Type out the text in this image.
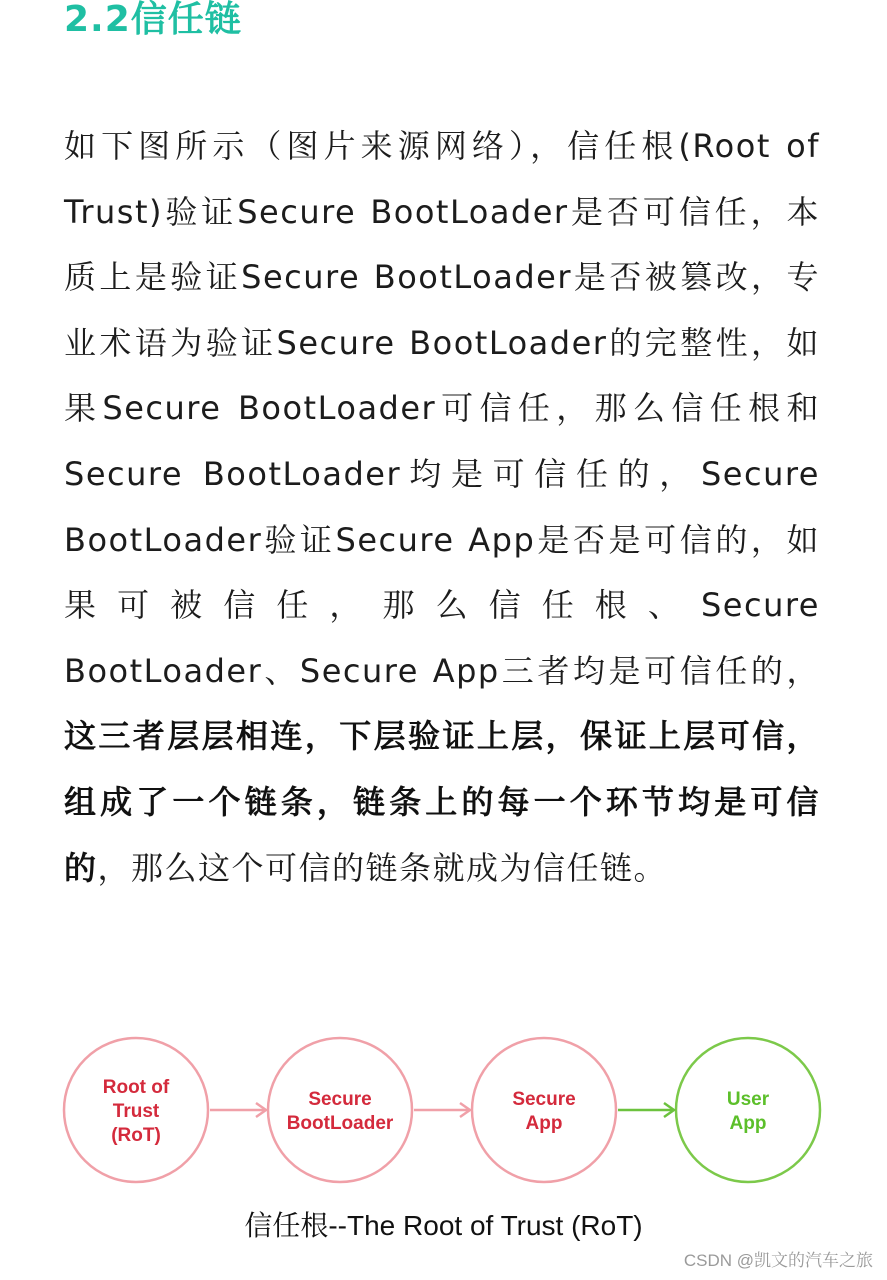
2.2信任链

如下图所示（图片来源网络），信任根(Root of Trust)验证Secure BootLoader是否可信任，本质上是验证Secure BootLoader是否被篡改，专业术语为验证Secure BootLoader的完整性，如果Secure BootLoader可信任，那么信任根和Secure BootLoader均是可信任的，Secure BootLoader验证Secure App是否是可信的，如果可被信任，那么信任根、Secure BootLoader、Secure App三者均是可信任的，这三者层层相连，下层验证上层，保证上层可信，组成了一个链条，链条上的每一个环节均是可信的，那么这个可信的链条就成为信任链。

Root of
Trust
(RoT)
Secure
BootLoader
Secure
App
User
App

信任根--The Root of Trust (RoT)

CSDN @凯文的汽车之旅
